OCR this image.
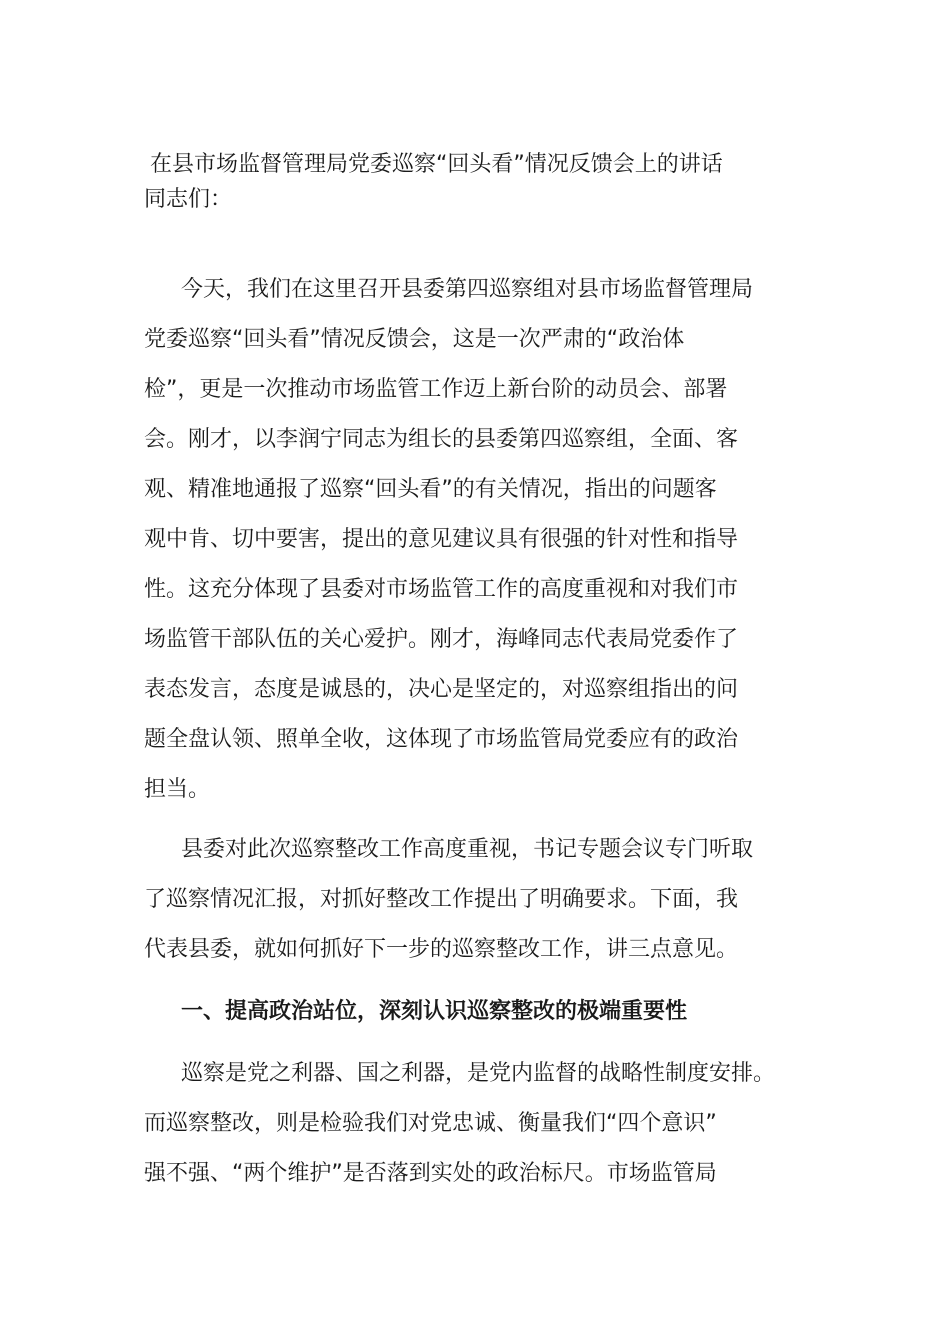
在县市场监督管理局党委巡察“回头看”情况反馈会上的讲话
同志们：
今天，我们在这里召开县委第四巡察组对县市场监督管理局
党委巡察“回头看”情况反馈会，这是一次严肃的“政治体
检”，更是一次推动市场监管工作迈上新台阶的动员会、部署
会。刚才，以李润宁同志为组长的县委第四巡察组，全面、客
观、精准地通报了巡察“回头看”的有关情况，指出的问题客
观中肯、切中要害，提出的意见建议具有很强的针对性和指导
性。这充分体现了县委对市场监管工作的高度重视和对我们市
场监管干部队伍的关心爱护。刚才，海峰同志代表局党委作了
表态发言，态度是诚恳的，决心是坚定的，对巡察组指出的问
题全盘认领、照单全收，这体现了市场监管局党委应有的政治
担当。
县委对此次巡察整改工作高度重视，书记专题会议专门听取
了巡察情况汇报，对抓好整改工作提出了明确要求。下面，我
代表县委，就如何抓好下一步的巡察整改工作，讲三点意见。
一、提高政治站位，深刻认识巡察整改的极端重要性
巡察是党之利器、国之利器，是党内监督的战略性制度安排。
而巡察整改，则是检验我们对党忠诚、衡量我们“四个意识”
强不强、“两个维护”是否落到实处的政治标尺。市场监管局
